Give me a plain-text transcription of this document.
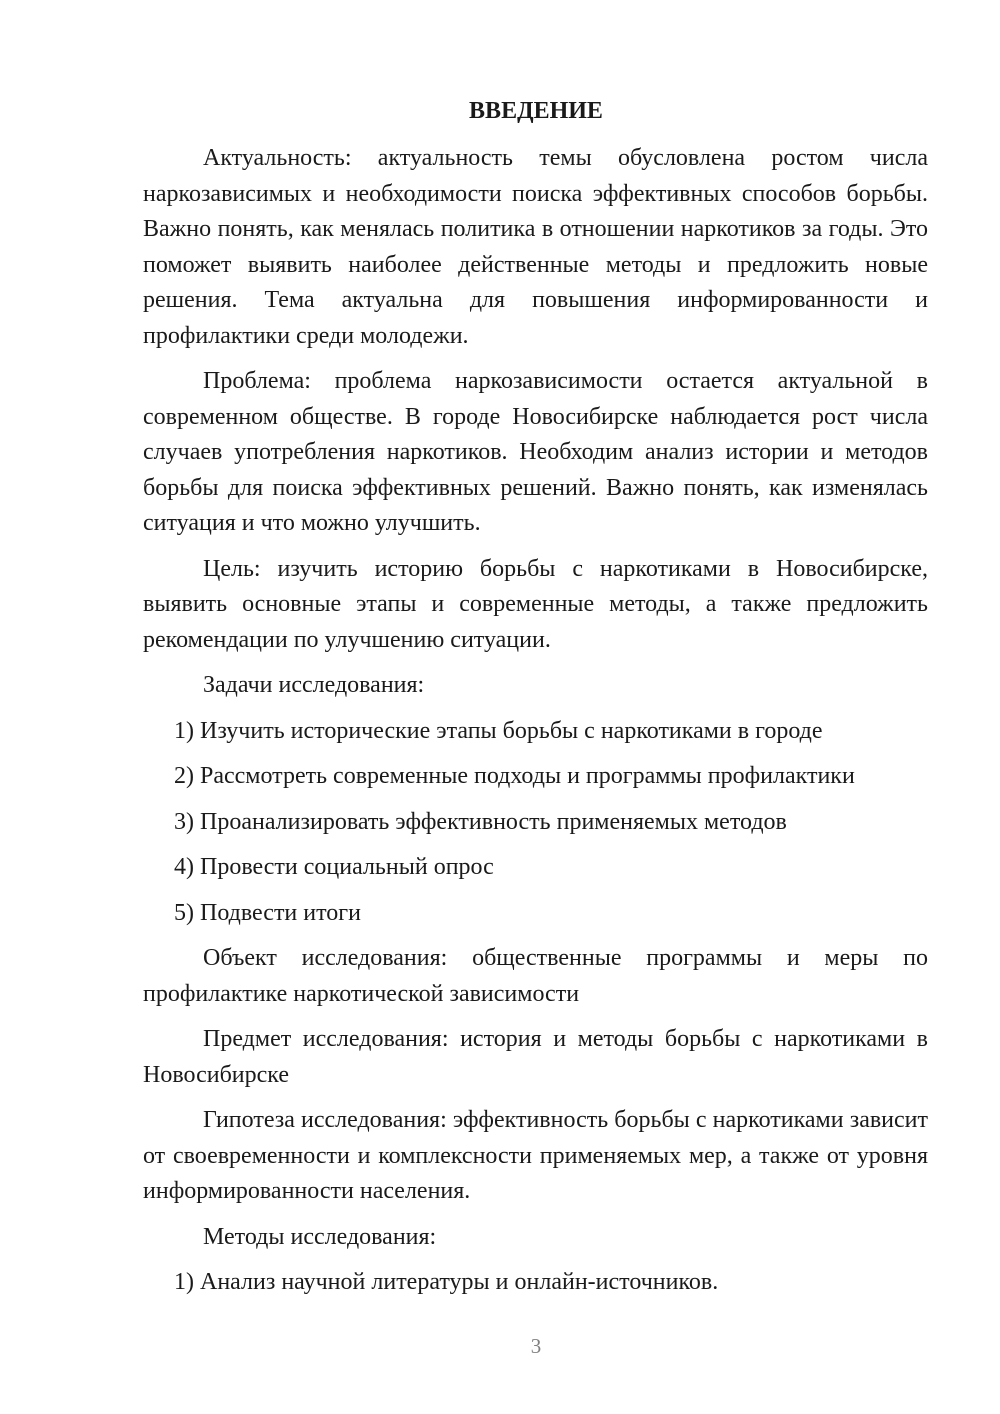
ВВЕДЕНИЕ

Актуальность: актуальность темы обусловлена ростом числа наркозависимых и необходимости поиска эффективных способов борьбы. Важно понять, как менялась политика в отношении наркотиков за годы. Это поможет выявить наиболее действенные методы и предложить новые решения. Тема актуальна для повышения информированности и профилактики среди молодежи.

Проблема: проблема наркозависимости остается актуальной в современном обществе. В городе Новосибирске наблюдается рост числа случаев употребления наркотиков. Необходим анализ истории и методов борьбы для поиска эффективных решений. Важно понять, как изменялась ситуация и что можно улучшить.

Цель: изучить историю борьбы с наркотиками в Новосибирске, выявить основные этапы и современные методы, а также предложить рекомендации по улучшению ситуации.

Задачи исследования:

1) Изучить исторические этапы борьбы с наркотиками в городе
2) Рассмотреть современные подходы и программы профилактики
3) Проанализировать эффективность применяемых методов
4) Провести социальный опрос
5) Подвести итоги

Объект исследования: общественные программы и меры по профилактике наркотической зависимости

Предмет исследования: история и методы борьбы с наркотиками в Новосибирске

Гипотеза исследования: эффективность борьбы с наркотиками зависит от своевременности и комплексности применяемых мер, а также от уровня информированности населения.

Методы исследования:

1) Анализ научной литературы и онлайн-источников.
3
